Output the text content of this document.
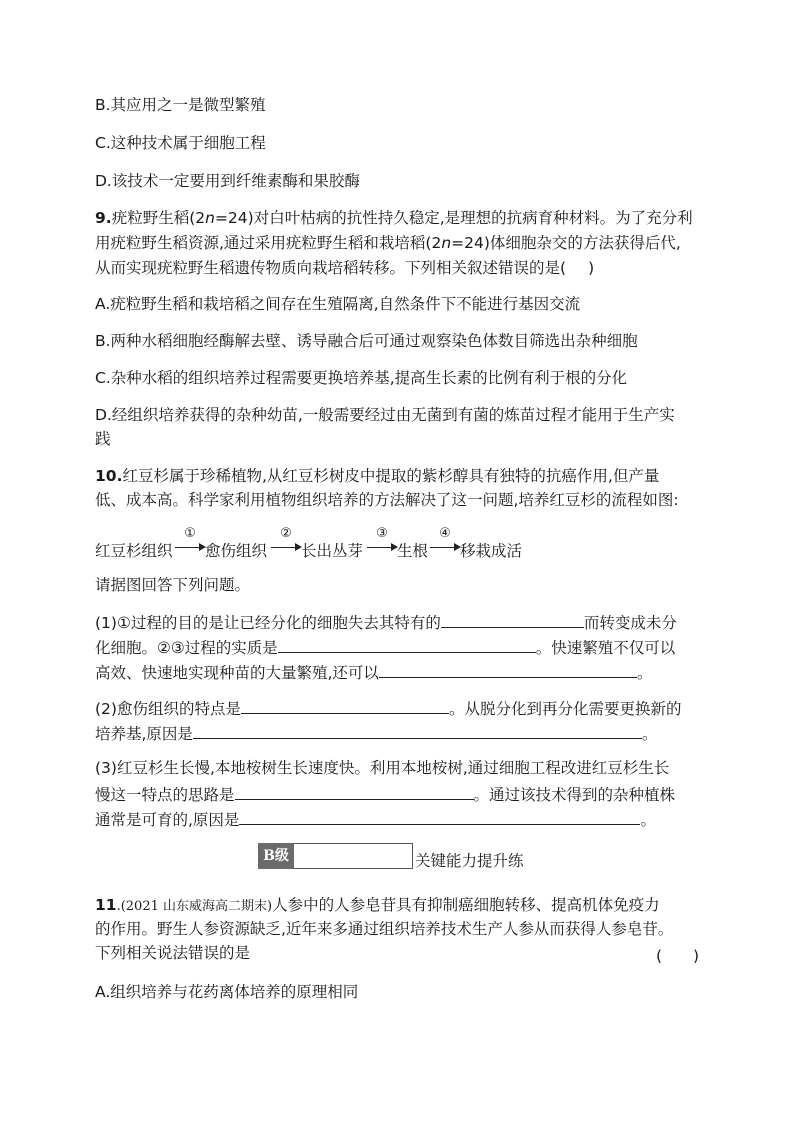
B.其应用之一是微型繁殖
C.这种技术属于细胞工程
D.该技术一定要用到纤维素酶和果胶酶
9.疣粒野生稻(2n=24)对白叶枯病的抗性持久稳定,是理想的抗病育种材料。为了充分利
用疣粒野生稻资源,通过采用疣粒野生稻和栽培稻(2n=24)体细胞杂交的方法获得后代,
从而实现疣粒野生稻遗传物质向栽培稻转移。下列相关叙述错误的是( )
A.疣粒野生稻和栽培稻之间存在生殖隔离,自然条件下不能进行基因交流
B.两种水稻细胞经酶解去壁、诱导融合后可通过观察染色体数目筛选出杂种细胞
C.杂种水稻的组织培养过程需要更换培养基,提高生长素的比例有利于根的分化
D.经组织培养获得的杂种幼苗,一般需要经过由无菌到有菌的炼苗过程才能用于生产实
践
10.红豆杉属于珍稀植物,从红豆杉树皮中提取的紫杉醇具有独特的抗癌作用,但产量
低、成本高。科学家利用植物组织培养的方法解决了这一问题,培养红豆杉的流程如图:
红豆杉组织
①
愈伤组织
②
长出丛芽
③
生根
④
移栽成活
请据图回答下列问题。
(1)①过程的目的是让已经分化的细胞失去其特有的	而转变成未分
化细胞。②③过程的实质是	。快速繁殖不仅可以
高效、快速地实现种苗的大量繁殖,还可以	。
(2)愈伤组织的特点是	。从脱分化到再分化需要更换新的
培养基,原因是	。
(3)红豆杉生长慢,本地桉树生长速度快。利用本地桉树,通过细胞工程改进红豆杉生长
慢这一特点的思路是	。通过该技术得到的杂种植株
通常是可育的,原因是	。
B级	关键能力提升练
11.(2021 山东威海高二期末)人参中的人参皂苷具有抑制癌细胞转移、提高机体免疫力
的作用。野生人参资源缺乏,近年来多通过组织培养技术生产人参从而获得人参皂苷。
下列相关说法错误的是	(　　)
A.组织培养与花药离体培养的原理相同
